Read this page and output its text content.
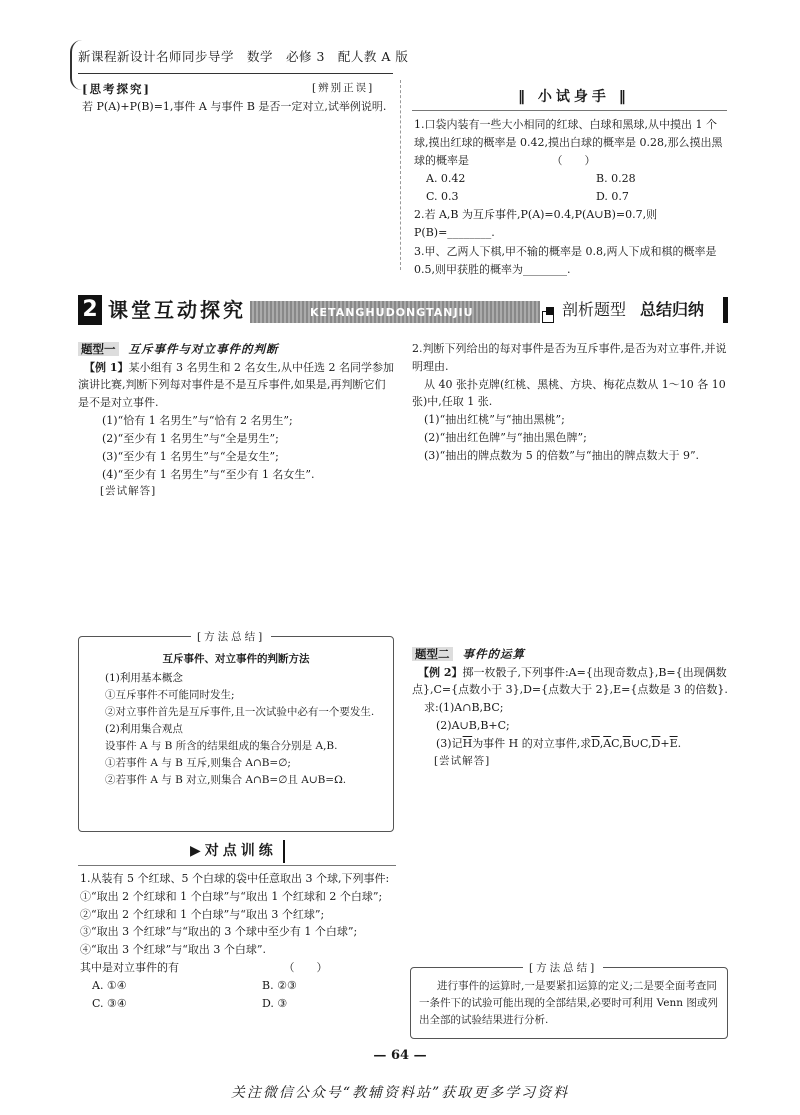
新课程新设计名师同步导学　数学　必修 3　配人教 A 版
[思考探究]	[辨别正误]
若 P(A)+P(B)=1,事件 A 与事件 B 是否一定对立,试举例说明.
‖ 小试身手 ‖

1.口袋内装有一些大小相同的红球、白球和黑球,从中摸出 1 个球,摸出红球的概率是 0.42,摸出白球的概率是 0.28,那么摸出黑球的概率是　　　　　　　　（　　）

A. 0.42	B. 0.28
C. 0.3	D. 0.7

2.若 A,B 为互斥事件,P(A)=0.4,P(A∪B)=0.7,则 P(B)=________.

3.甲、乙两人下棋,甲不输的概率是 0.8,两人下成和棋的概率是 0.5,则甲获胜的概率为________.

2 课堂互动探究	KETANGHUDONGTANJIU	剖析题型 总结归纳
题型一 互斥事件与对立事件的判断

【例 1】某小组有 3 名男生和 2 名女生,从中任选 2 名同学参加演讲比赛,判断下列每对事件是不是互斥事件,如果是,再判断它们是不是对立事件.

(1)“恰有 1 名男生”与“恰有 2 名男生”;

(2)“至少有 1 名男生”与“全是男生”;

(3)“至少有 1 名男生”与“全是女生”;

(4)“至少有 1 名男生”与“至少有 1 名女生”.

[尝试解答]

2.判断下列给出的每对事件是否为互斥事件,是否为对立事件,并说明理由.

从 40 张扑克牌(红桃、黑桃、方块、梅花点数从 1～10 各 10 张)中,任取 1 张.

(1)“抽出红桃”与“抽出黑桃”;

(2)“抽出红色牌”与“抽出黑色牌”;

(3)“抽出的牌点数为 5 的倍数”与“抽出的牌点数大于 9”.

[方法总结]
互斥事件、对立事件的判断方法

(1)利用基本概念

①互斥事件不可能同时发生;

②对立事件首先是互斥事件,且一次试验中必有一个要发生.

(2)利用集合观点

设事件 A 与 B 所含的结果组成的集合分别是 A,B.

①若事件 A 与 B 互斥,则集合 A∩B=∅;

②若事件 A 与 B 对立,则集合 A∩B=∅且 A∪B=Ω.

▶对点训练

1.从装有 5 个红球、5 个白球的袋中任意取出 3 个球,下列事件:

①“取出 2 个红球和 1 个白球”与“取出 1 个红球和 2 个白球”;

②“取出 2 个红球和 1 个白球”与“取出 3 个红球”;

③“取出 3 个红球”与“取出的 3 个球中至少有 1 个白球”;

④“取出 3 个红球”与“取出 3 个白球”.

其中是对立事件的有　　　　　　　　　　（　　）

A. ①④	B. ②③
C. ③④	D. ③
题型二 事件的运算

【例 2】掷一枚骰子,下列事件:A={出现奇数点},B={出现偶数点},C={点数小于 3},D={点数大于 2},E={点数是 3 的倍数}.

求:(1)A∩B,BC;

(2)A∪B,B+C;

(3)记$\overline{H}$为事件 H 的对立事件,求$\overline{D},\overline{A}C,\overline{B}\cup C,\overline{D}+\overline{E}$.

[尝试解答]

[方法总结]

进行事件的运算时,一是要紧扣运算的定义;二是要全面考查同一条件下的试验可能出现的全部结果,必要时可利用 Venn 图或列出全部的试验结果进行分析.

— 64 —
关注微信公众号“教辅资料站”获取更多学习资料
